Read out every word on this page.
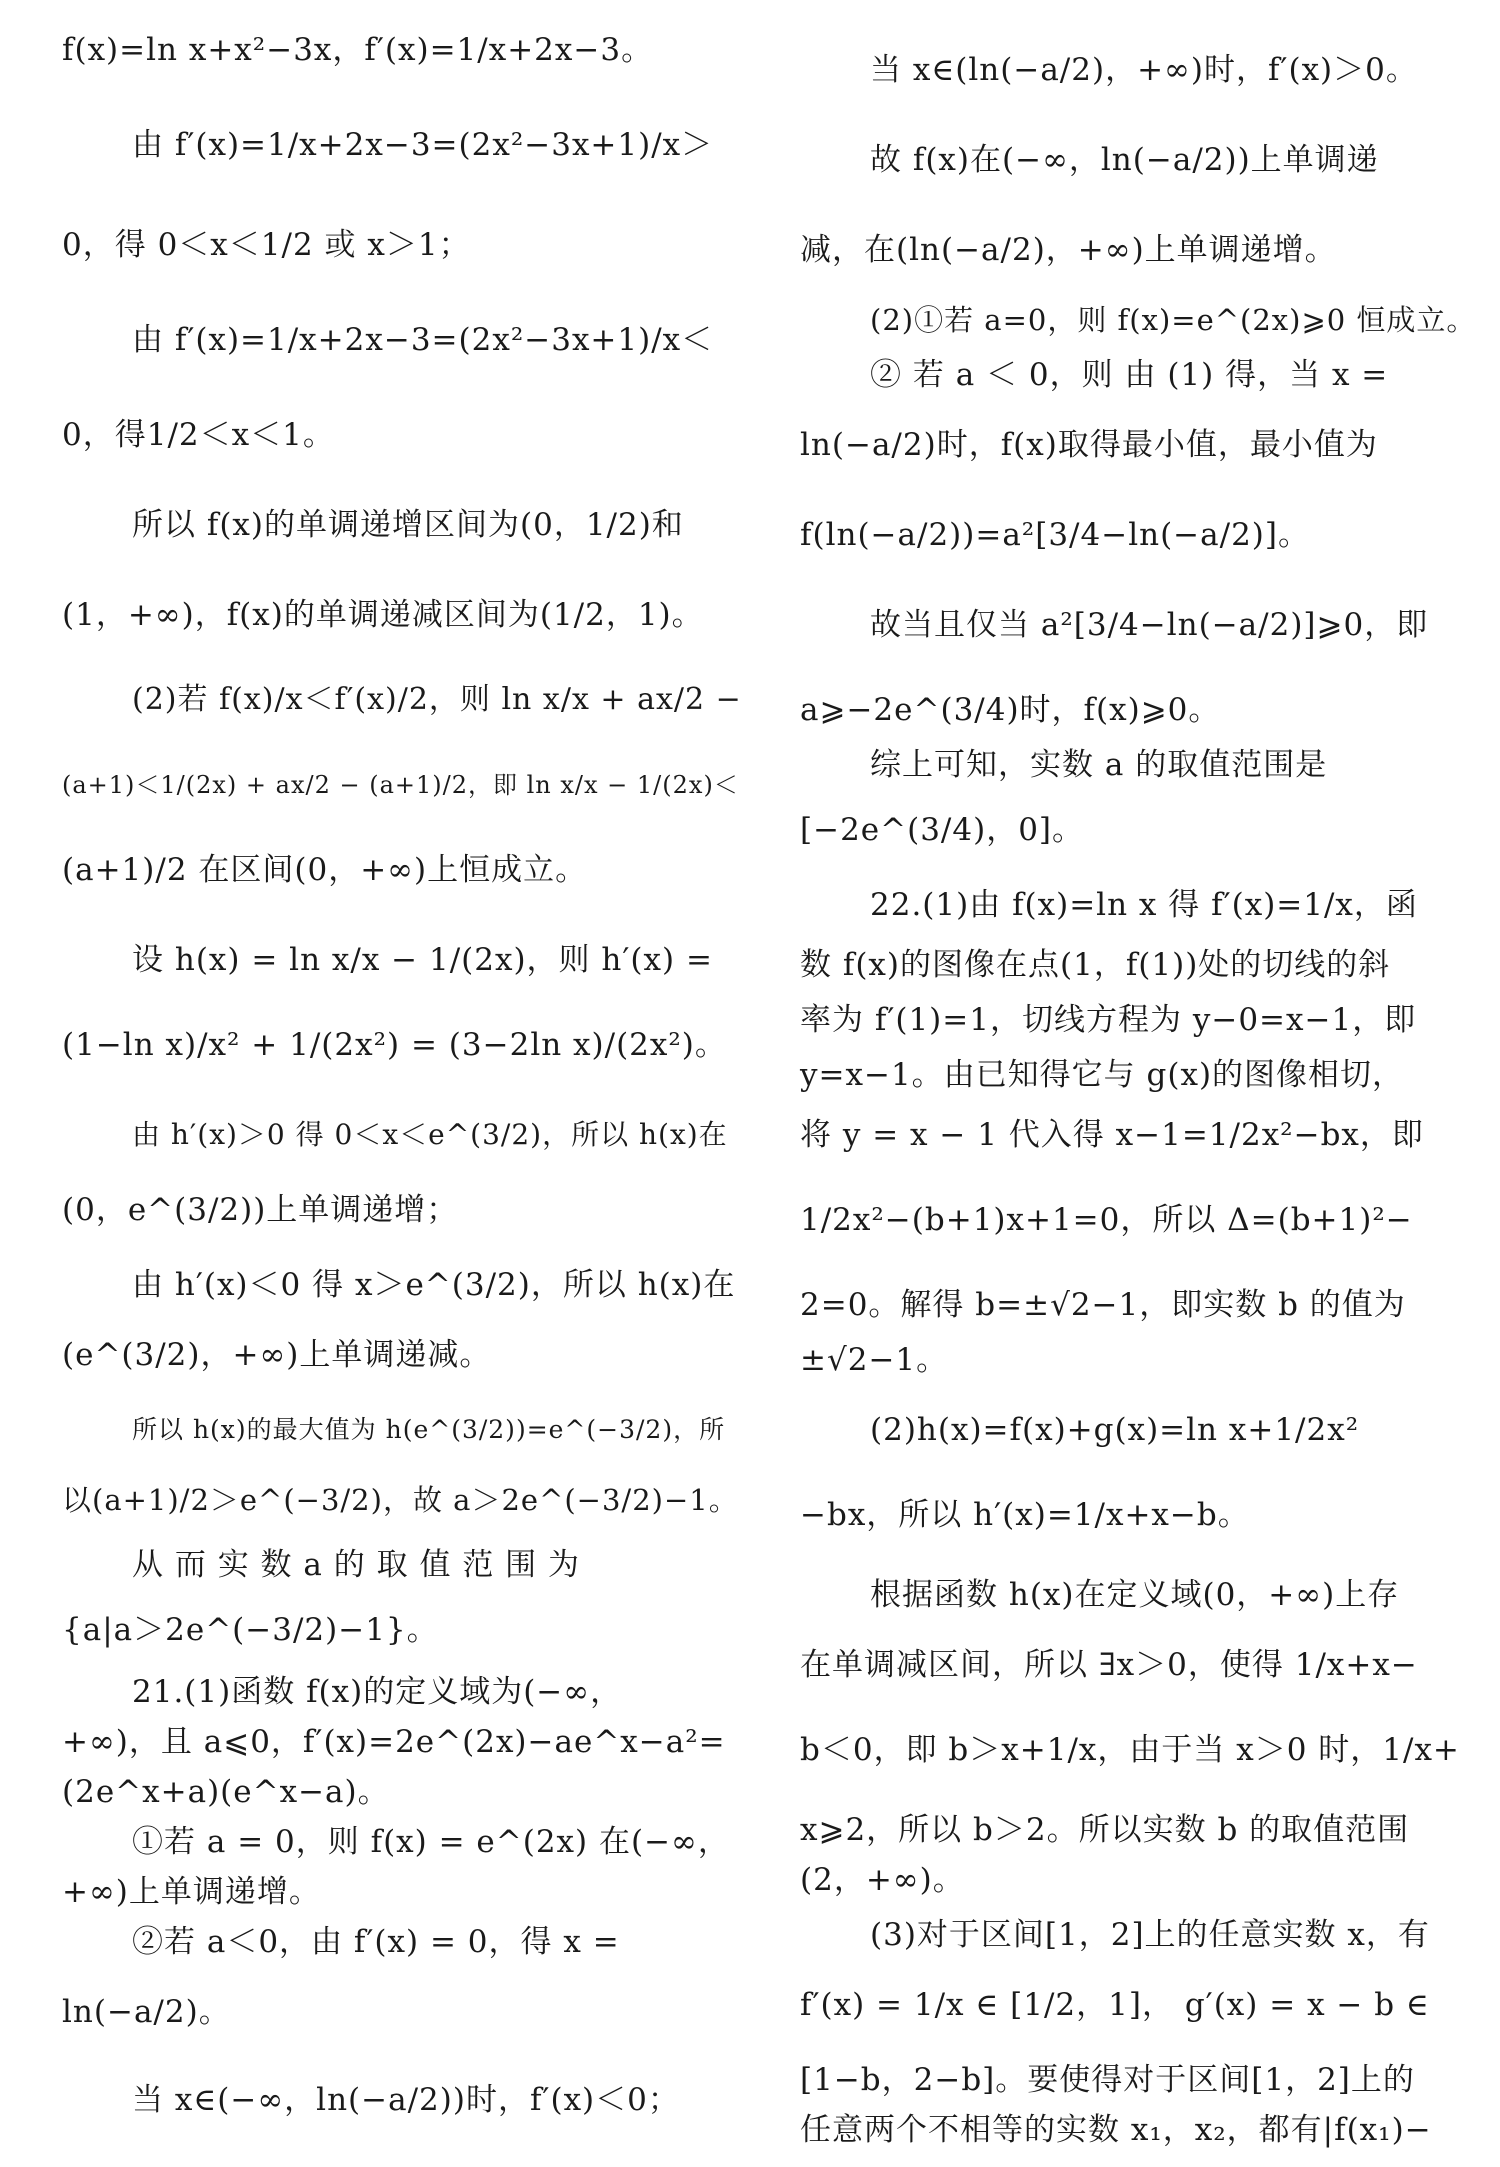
f(x)=ln x+x²−3x，f′(x)=1/x+2x−3。
由 f′(x)=1/x+2x−3=(2x²−3x+1)/x＞
0，得 0＜x＜1/2 或 x＞1；
由 f′(x)=1/x+2x−3=(2x²−3x+1)/x＜
0，得1/2＜x＜1。
所以 f(x)的单调递增区间为(0，1/2)和
(1，+∞)，f(x)的单调递减区间为(1/2，1)。
(2)若 f(x)/x＜f′(x)/2，则 ln x/x + ax/2 −
(a+1)＜1/(2x) + ax/2 − (a+1)/2，即 ln x/x − 1/(2x)＜
(a+1)/2 在区间(0，+∞)上恒成立。
设 h(x) = ln x/x − 1/(2x)，则 h′(x) =
(1−ln x)/x² + 1/(2x²) = (3−2ln x)/(2x²)。
由 h′(x)＞0 得 0＜x＜e^(3/2)，所以 h(x)在
(0，e^(3/2))上单调递增；
由 h′(x)＜0 得 x＞e^(3/2)，所以 h(x)在
(e^(3/2)，+∞)上单调递减。
所以 h(x)的最大值为 h(e^(3/2))=e^(−3/2)，所
以(a+1)/2＞e^(−3/2)，故 a＞2e^(−3/2)−1。
从 而 实 数 a 的 取 值 范 围 为
{a|a＞2e^(−3/2)−1}。
21.(1)函数 f(x)的定义域为(−∞，
+∞)，且 a⩽0，f′(x)=2e^(2x)−ae^x−a²=
(2e^x+a)(e^x−a)。
①若 a = 0，则 f(x) = e^(2x) 在(−∞，
+∞)上单调递增。
②若 a＜0，由 f′(x) = 0，得 x =
ln(−a/2)。
当 x∈(−∞，ln(−a/2))时，f′(x)＜0；
当 x∈(ln(−a/2)，+∞)时，f′(x)＞0。
故 f(x)在(−∞，ln(−a/2))上单调递
减，在(ln(−a/2)，+∞)上单调递增。
(2)①若 a=0，则 f(x)=e^(2x)⩾0 恒成立。
② 若 a ＜ 0，则 由 (1) 得，当 x =
ln(−a/2)时，f(x)取得最小值，最小值为
f(ln(−a/2))=a²[3/4−ln(−a/2)]。
故当且仅当 a²[3/4−ln(−a/2)]⩾0，即
a⩾−2e^(3/4)时，f(x)⩾0。
综上可知，实数 a 的取值范围是
[−2e^(3/4)，0]。
22.(1)由 f(x)=ln x 得 f′(x)=1/x，函
数 f(x)的图像在点(1，f(1))处的切线的斜
率为 f′(1)=1，切线方程为 y−0=x−1，即
y=x−1。由已知得它与 g(x)的图像相切，
将 y = x − 1 代入得 x−1=1/2x²−bx，即
1/2x²−(b+1)x+1=0，所以 Δ=(b+1)²−
2=0。解得 b=±√2−1，即实数 b 的值为
±√2−1。
(2)h(x)=f(x)+g(x)=ln x+1/2x²
−bx，所以 h′(x)=1/x+x−b。
根据函数 h(x)在定义域(0，+∞)上存
在单调减区间，所以 ∃x＞0，使得 1/x+x−
b＜0，即 b＞x+1/x，由于当 x＞0 时，1/x+
x⩾2，所以 b＞2。所以实数 b 的取值范围
(2，+∞)。
(3)对于区间[1，2]上的任意实数 x，有
f′(x) = 1/x ∈ [1/2，1]， g′(x) = x − b ∈
[1−b，2−b]。要使得对于区间[1，2]上的
任意两个不相等的实数 x₁，x₂，都有|f(x₁)−
